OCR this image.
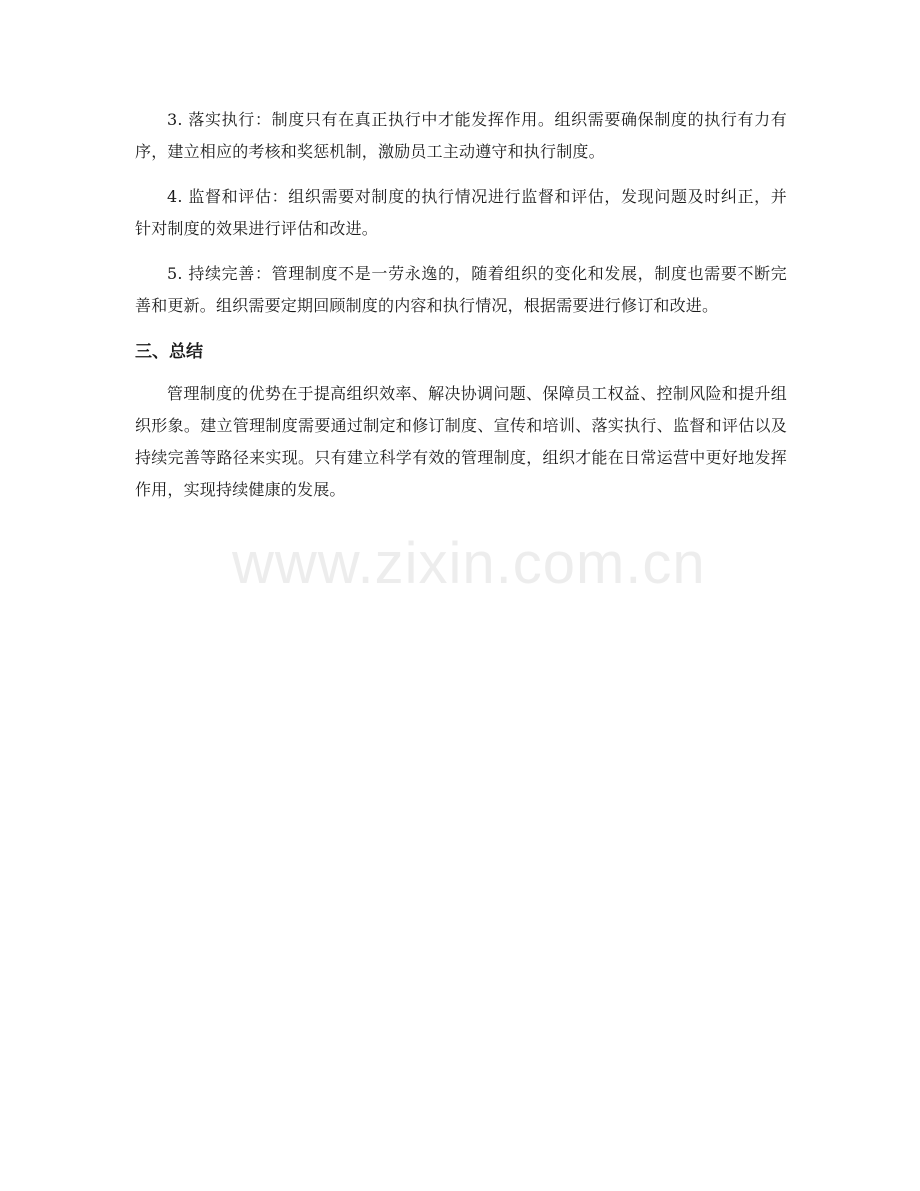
3. 落实执行：制度只有在真正执行中才能发挥作用。组织需要确保制度的执行有力有序，建立相应的考核和奖惩机制，激励员工主动遵守和执行制度。

4. 监督和评估：组织需要对制度的执行情况进行监督和评估，发现问题及时纠正，并针对制度的效果进行评估和改进。

5. 持续完善：管理制度不是一劳永逸的，随着组织的变化和发展，制度也需要不断完善和更新。组织需要定期回顾制度的内容和执行情况，根据需要进行修订和改进。

三、总结

管理制度的优势在于提高组织效率、解决协调问题、保障员工权益、控制风险和提升组织形象。建立管理制度需要通过制定和修订制度、宣传和培训、落实执行、监督和评估以及持续完善等路径来实现。只有建立科学有效的管理制度，组织才能在日常运营中更好地发挥作用，实现持续健康的发展。

www.zixin.com.cn
